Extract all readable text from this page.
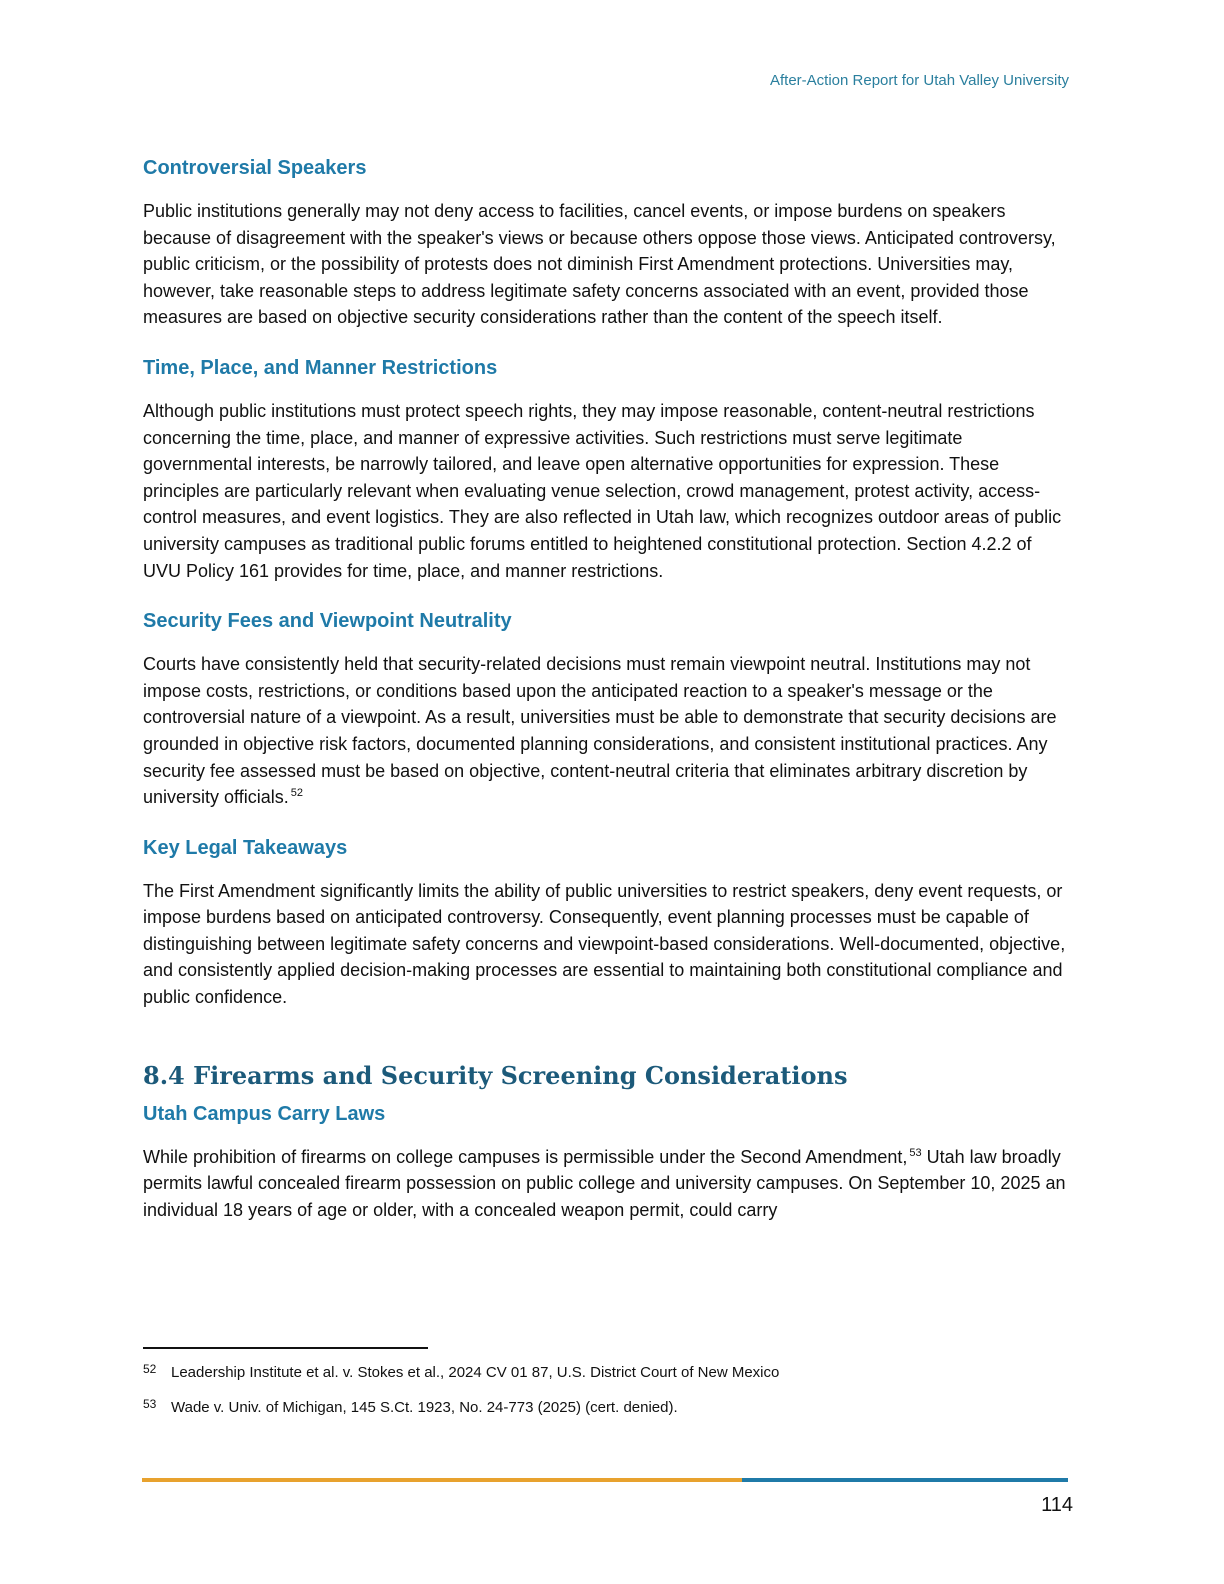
After-Action Report for Utah Valley University
Controversial Speakers

Public institutions generally may not deny access to facilities, cancel events, or impose burdens on speakers because of disagreement with the speaker's views or because others oppose those views. Anticipated controversy, public criticism, or the possibility of protests does not diminish First Amendment protections. Universities may, however, take reasonable steps to address legitimate safety concerns associated with an event, provided those measures are based on objective security considerations rather than the content of the speech itself.

Time, Place, and Manner Restrictions

Although public institutions must protect speech rights, they may impose reasonable, content-neutral restrictions concerning the time, place, and manner of expressive activities. Such restrictions must serve legitimate governmental interests, be narrowly tailored, and leave open alternative opportunities for expression. These principles are particularly relevant when evaluating venue selection, crowd management, protest activity, access-control measures, and event logistics. They are also reflected in Utah law, which recognizes outdoor areas of public university campuses as traditional public forums entitled to heightened constitutional protection. Section 4.2.2 of UVU Policy 161 provides for time, place, and manner restrictions.

Security Fees and Viewpoint Neutrality

Courts have consistently held that security-related decisions must remain viewpoint neutral. Institutions may not impose costs, restrictions, or conditions based upon the anticipated reaction to a speaker's message or the controversial nature of a viewpoint. As a result, universities must be able to demonstrate that security decisions are grounded in objective risk factors, documented planning considerations, and consistent institutional practices. Any security fee assessed must be based on objective, content-neutral criteria that eliminates arbitrary discretion by university officials. $^{52}$

Key Legal Takeaways

The First Amendment significantly limits the ability of public universities to restrict speakers, deny event requests, or impose burdens based on anticipated controversy. Consequently, event planning processes must be capable of distinguishing between legitimate safety concerns and viewpoint-based considerations. Well-documented, objective, and consistently applied decision-making processes are essential to maintaining both constitutional compliance and public confidence.

8.4 Firearms and Security Screening Considerations
Utah Campus Carry Laws

While prohibition of firearms on college campuses is permissible under the Second Amendment, $^{53}$ Utah law broadly permits lawful concealed firearm possession on public college and university campuses. On September 10, 2025 an individual 18 years of age or older, with a concealed weapon permit, could carry

52 Leadership Institute et al. v. Stokes et al., 2024 CV 01 87, U.S. District Court of New Mexico
53 Wade v. Univ. of Michigan, 145 S.Ct. 1923, No. 24-773 (2025) (cert. denied).
114
